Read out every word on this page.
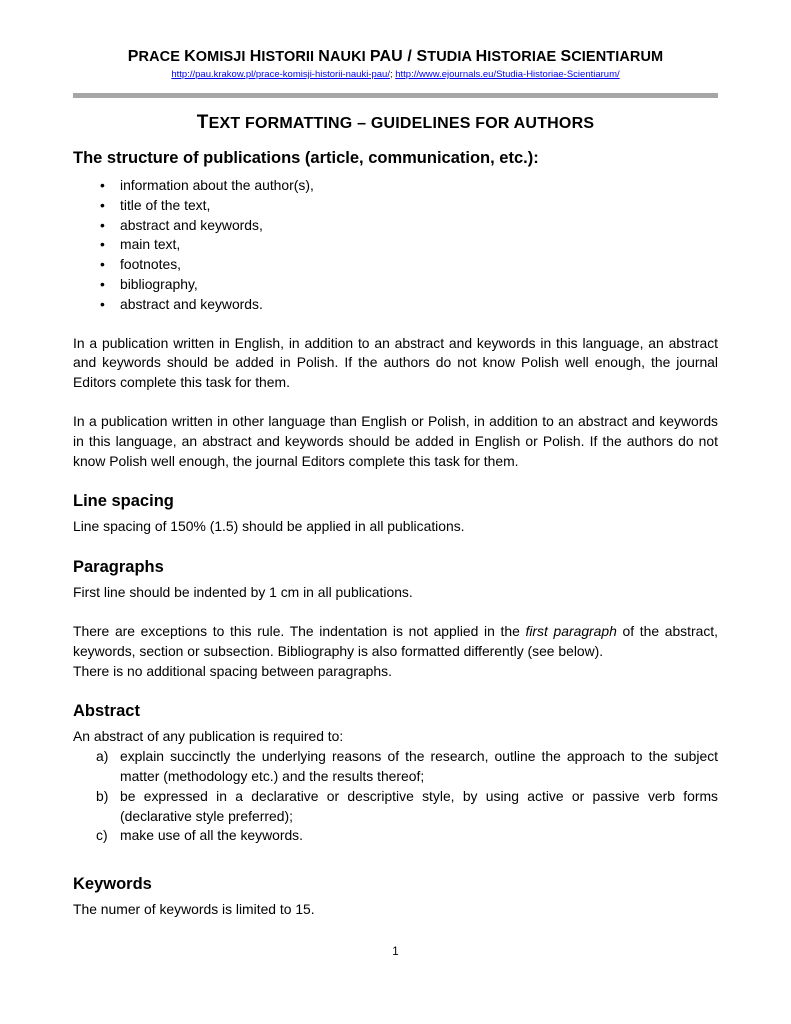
PRACE KOMISJI HISTORII NAUKI PAU / STUDIA HISTORIAE SCIENTIARUM
http://pau.krakow.pl/prace-komisji-historii-nauki-pau/; http://www.ejournals.eu/Studia-Historiae-Scientiarum/
TEXT FORMATTING – GUIDELINES FOR AUTHORS
The structure of publications (article, communication, etc.):
• information about the author(s),
• title of the text,
• abstract and keywords,
• main text,
• footnotes,
• bibliography,
• abstract and keywords.

In a publication written in English, in addition to an abstract and keywords in this language, an abstract and keywords should be added in Polish. If the authors do not know Polish well enough, the journal Editors complete this task for them.

In a publication written in other language than English or Polish, in addition to an abstract and keywords in this language, an abstract and keywords should be added in English or Polish. If the authors do not know Polish well enough, the journal Editors complete this task for them.

Line spacing

Line spacing of 150% (1.5) should be applied in all publications.

Paragraphs

First line should be indented by 1 cm in all publications.

There are exceptions to this rule. The indentation is not applied in the first paragraph of the abstract, keywords, section or subsection. Bibliography is also formatted differently (see below).

There is no additional spacing between paragraphs.

Abstract

An abstract of any publication is required to:

a) explain succinctly the underlying reasons of the research, outline the approach to the subject matter (methodology etc.) and the results thereof;
b) be expressed in a declarative or descriptive style, by using active or passive verb forms (declarative style preferred);
c) make use of all the keywords.
Keywords

The numer of keywords is limited to 15.

1
